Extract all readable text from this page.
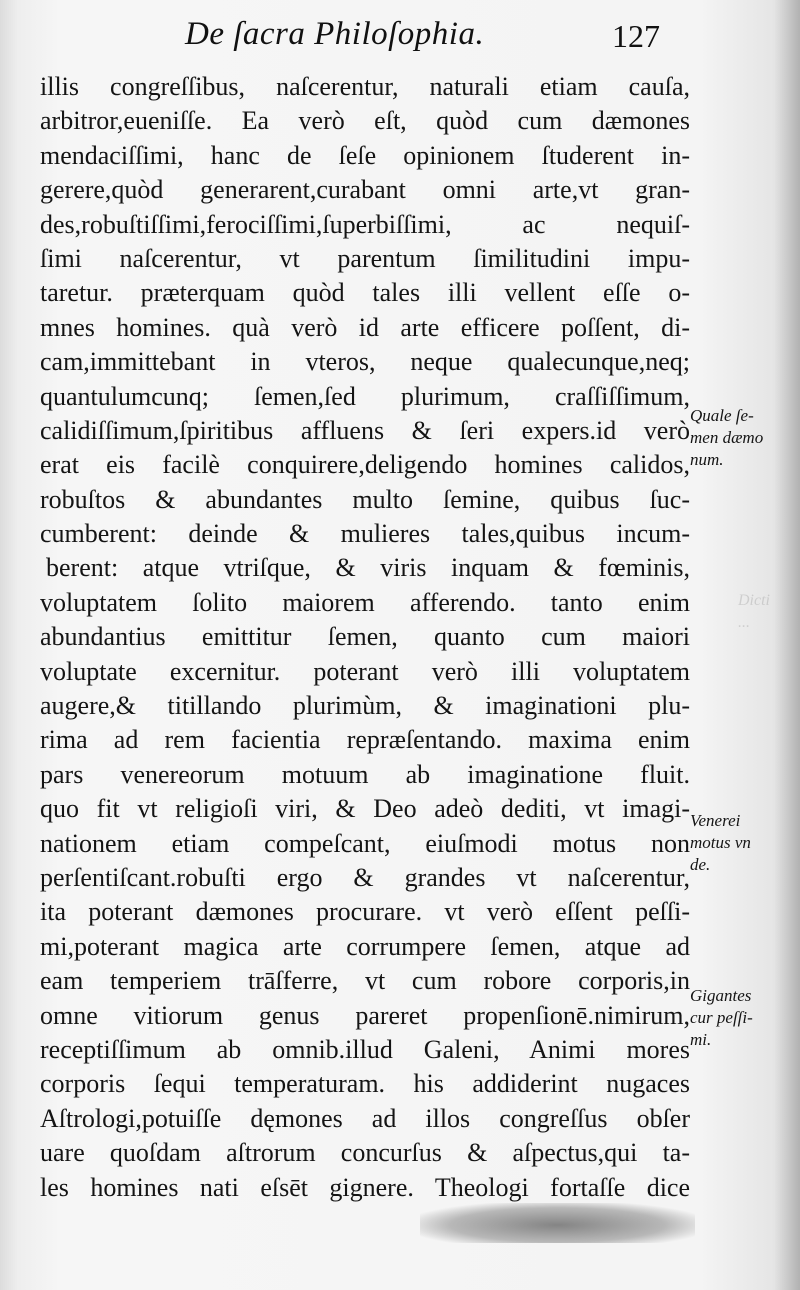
De ſacra Philoſophia.	127
illis congreſſibus, naſcerentur, naturali etiam cauſa,
arbitror,eueniſſe. Ea verò eſt, quòd cum dæmones
mendaciſſimi, hanc de ſeſe opinionem ſtuderent in-
gerere,quòd generarent,curabant omni arte,vt gran-
des,robuſtiſſimi,ferociſſimi,ſuperbiſſimi, ac nequiſ-
ſimi naſcerentur, vt parentum ſimilitudini impu-
taretur. præterquam quòd tales illi vellent eſſe o-
mnes homines. quà verò id arte efficere poſſent, di-
cam,immittebant in vteros, neque qualecunque,neq;
quantulumcunq; ſemen,ſed plurimum, craſſiſſimum,
calidiſſimum,ſpiritibus affluens & ſeri expers.id verò
erat eis facilè conquirere,deligendo homines calidos,
robuſtos & abundantes multo ſemine, quibus ſuc-
cumberent: deinde & mulieres tales,quibus incum-
berent: atque vtriſque, & viris inquam & fœminis,
voluptatem ſolito maiorem afferendo. tanto enim
abundantius emittitur ſemen, quanto cum maiori
voluptate excernitur. poterant verò illi voluptatem
augere,& titillando plurimùm, & imaginationi plu-
rima ad rem facientia repræſentando. maxima enim
pars venereorum motuum ab imaginatione fluit.
quo fit vt religioſi viri, & Deo adeò dediti, vt imagi-
nationem etiam compeſcant, eiuſmodi motus non
perſentiſcant.robuſti ergo & grandes vt naſcerentur,
ita poterant dæmones procurare. vt verò eſſent peſſi-
mi,poterant magica arte corrumpere ſemen, atque ad
eam temperiem trāſferre, vt cum robore corporis,in
omne vitiorum genus pareret propenſionē.nimirum,
receptiſſimum ab omnib.illud Galeni, Animi mores
corporis ſequi temperaturam. his addiderint nugaces
Aſtrologi,potuiſſe dęmones ad illos congreſſus obſer
uare quoſdam aſtrorum concurſus & aſpectus,qui ta-
les homines nati eſsēt gignere. Theologi fortaſſe dice
Quale ſe-
men dæmo
num.
Venerei
motus vn
de.
Gigantes
cur peſſi-
mi.
Dicti
...
